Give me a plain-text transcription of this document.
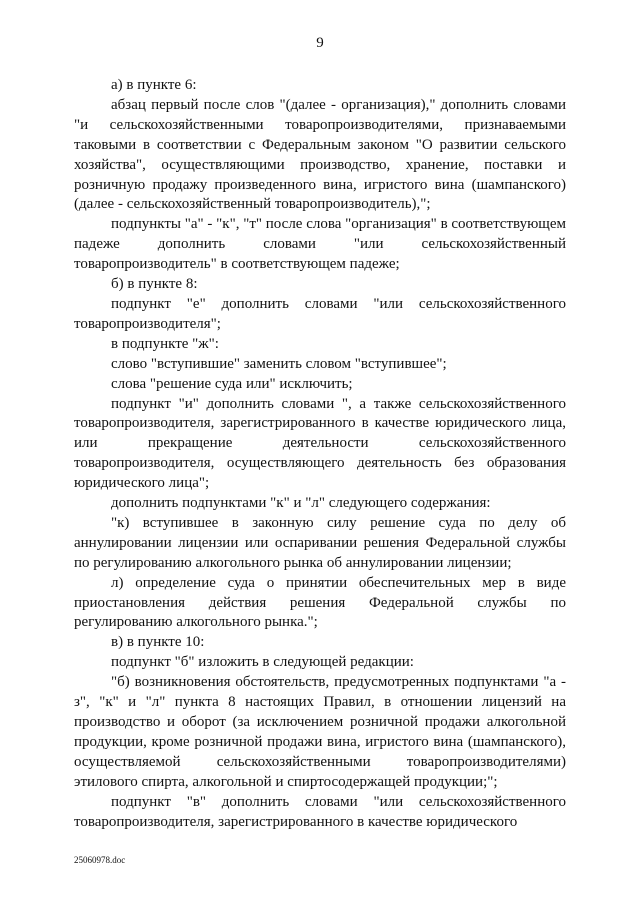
9

а) в пункте 6:

абзац первый после слов "(далее - организация)," дополнить словами "и сельскохозяйственными товаропроизводителями, признаваемыми таковыми в соответствии с Федеральным законом "О развитии сельского хозяйства", осуществляющими производство, хранение, поставки и розничную продажу произведенного вина, игристого вина (шампанского) (далее - сельскохозяйственный товаропроизводитель),";

подпункты "а" - "к", "т" после слова "организация" в соответствующем падеже дополнить словами "или сельскохозяйственный товаропроизводитель" в соответствующем падеже;

б) в пункте 8:

подпункт "е" дополнить словами "или сельскохозяйственного товаропроизводителя";

в подпункте "ж":

слово "вступившие" заменить словом "вступившее";

слова "решение суда или" исключить;

подпункт "и" дополнить словами ", а также сельскохозяйственного товаропроизводителя, зарегистрированного в качестве юридического лица, или прекращение деятельности сельскохозяйственного товаропроизводителя, осуществляющего деятельность без образования юридического лица";

дополнить подпунктами "к" и "л" следующего содержания:

"к) вступившее в законную силу решение суда по делу об аннулировании лицензии или оспаривании решения Федеральной службы по регулированию алкогольного рынка об аннулировании лицензии;

л) определение суда о принятии обеспечительных мер в виде приостановления действия решения Федеральной службы по регулированию алкогольного рынка.";

в) в пункте 10:

подпункт "б" изложить в следующей редакции:

"б) возникновения обстоятельств, предусмотренных подпунктами "а - з", "к" и "л" пункта 8 настоящих Правил, в отношении лицензий на производство и оборот (за исключением розничной продажи алкогольной продукции, кроме розничной продажи вина, игристого вина (шампанского), осуществляемой сельскохозяйственными товаропроизводителями) этилового спирта, алкогольной и спиртосодержащей продукции;";

подпункт "в" дополнить словами "или сельскохозяйственного товаропроизводителя, зарегистрированного в качестве юридического

25060978.doc
